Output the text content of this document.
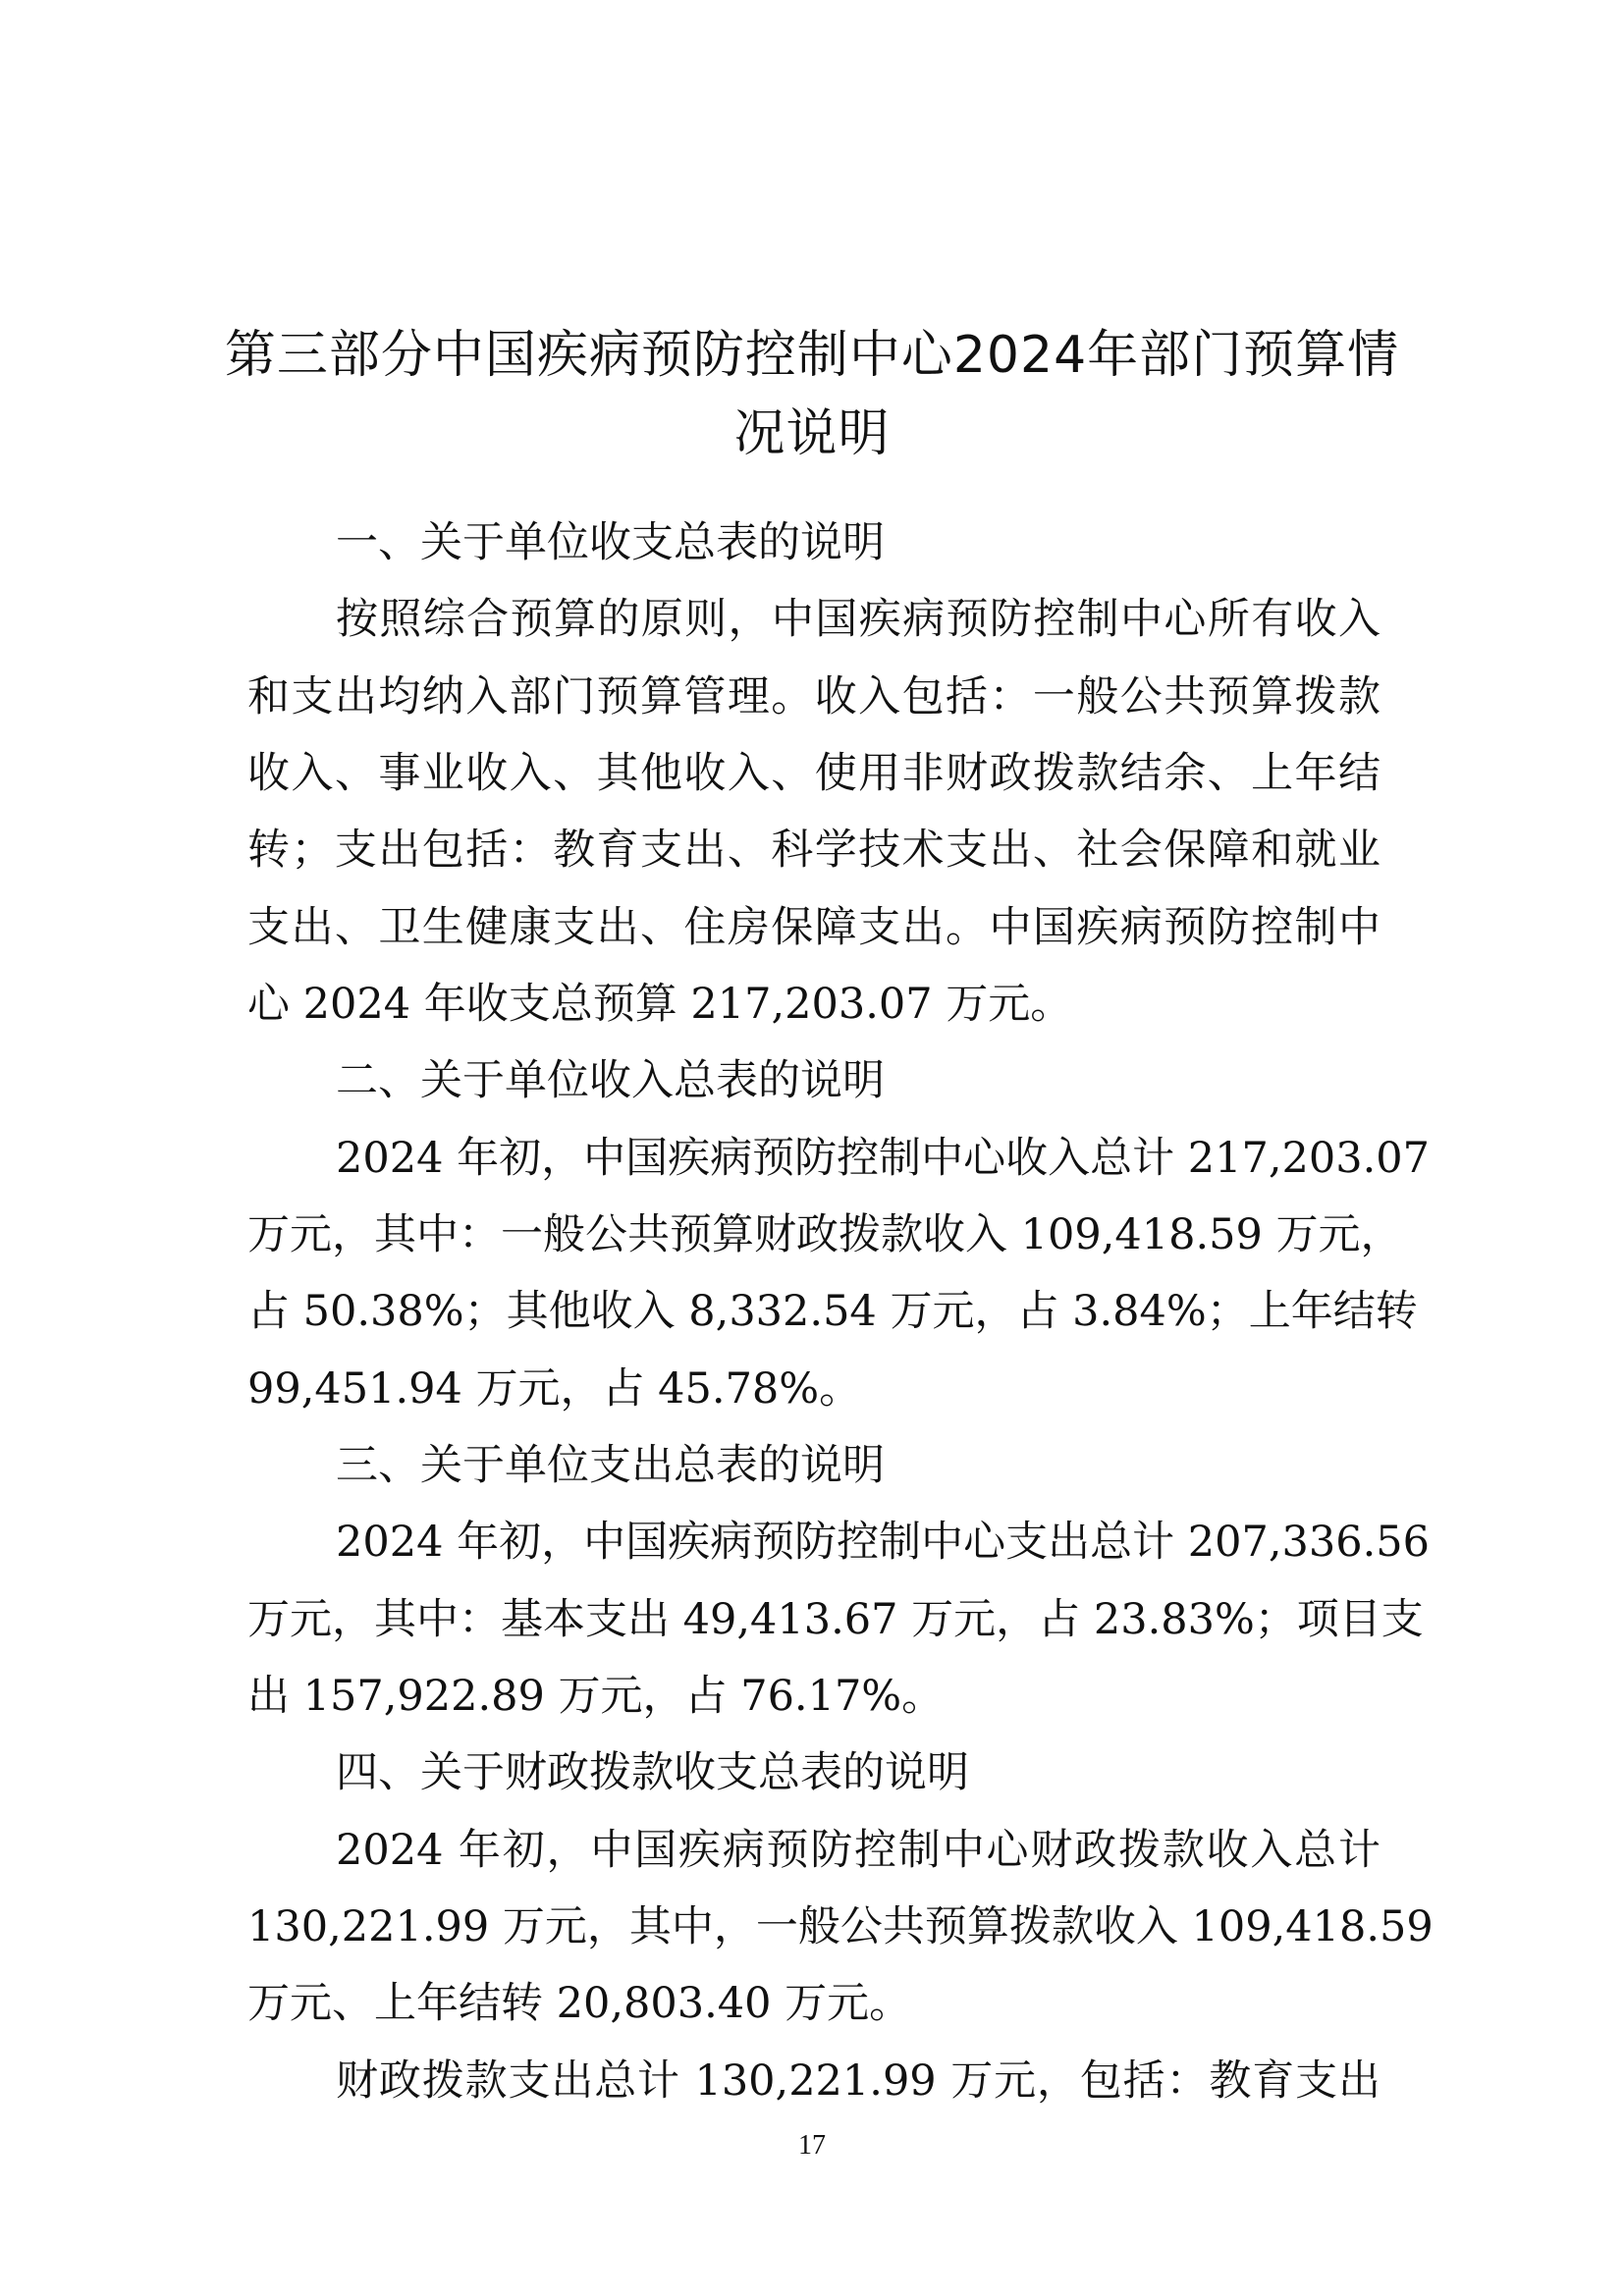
第三部分中国疾病预防控制中心2024年部门预算情
况说明
一、关于单位收支总表的说明
按照综合预算的原则，中国疾病预防控制中心所有收入
和支出均纳入部门预算管理。收入包括：一般公共预算拨款
收入、事业收入、其他收入、使用非财政拨款结余、上年结
转；支出包括：教育支出、科学技术支出、社会保障和就业
支出、卫生健康支出、住房保障支出。中国疾病预防控制中
心 2024 年收支总预算 217,203.07 万元。
二、关于单位收入总表的说明
2024 年初，中国疾病预防控制中心收入总计 217,203.07
万元，其中：一般公共预算财政拨款收入 109,418.59 万元，
占 50.38%；其他收入 8,332.54 万元，占 3.84%；上年结转
99,451.94 万元，占 45.78%。
三、关于单位支出总表的说明
2024 年初，中国疾病预防控制中心支出总计 207,336.56
万元，其中：基本支出 49,413.67 万元，占 23.83%；项目支
出 157,922.89 万元，占 76.17%。
四、关于财政拨款收支总表的说明
2024 年初，中国疾病预防控制中心财政拨款收入总计
130,221.99 万元，其中，一般公共预算拨款收入 109,418.59
万元、上年结转 20,803.40 万元。
财政拨款支出总计 130,221.99 万元，包括：教育支出
17
